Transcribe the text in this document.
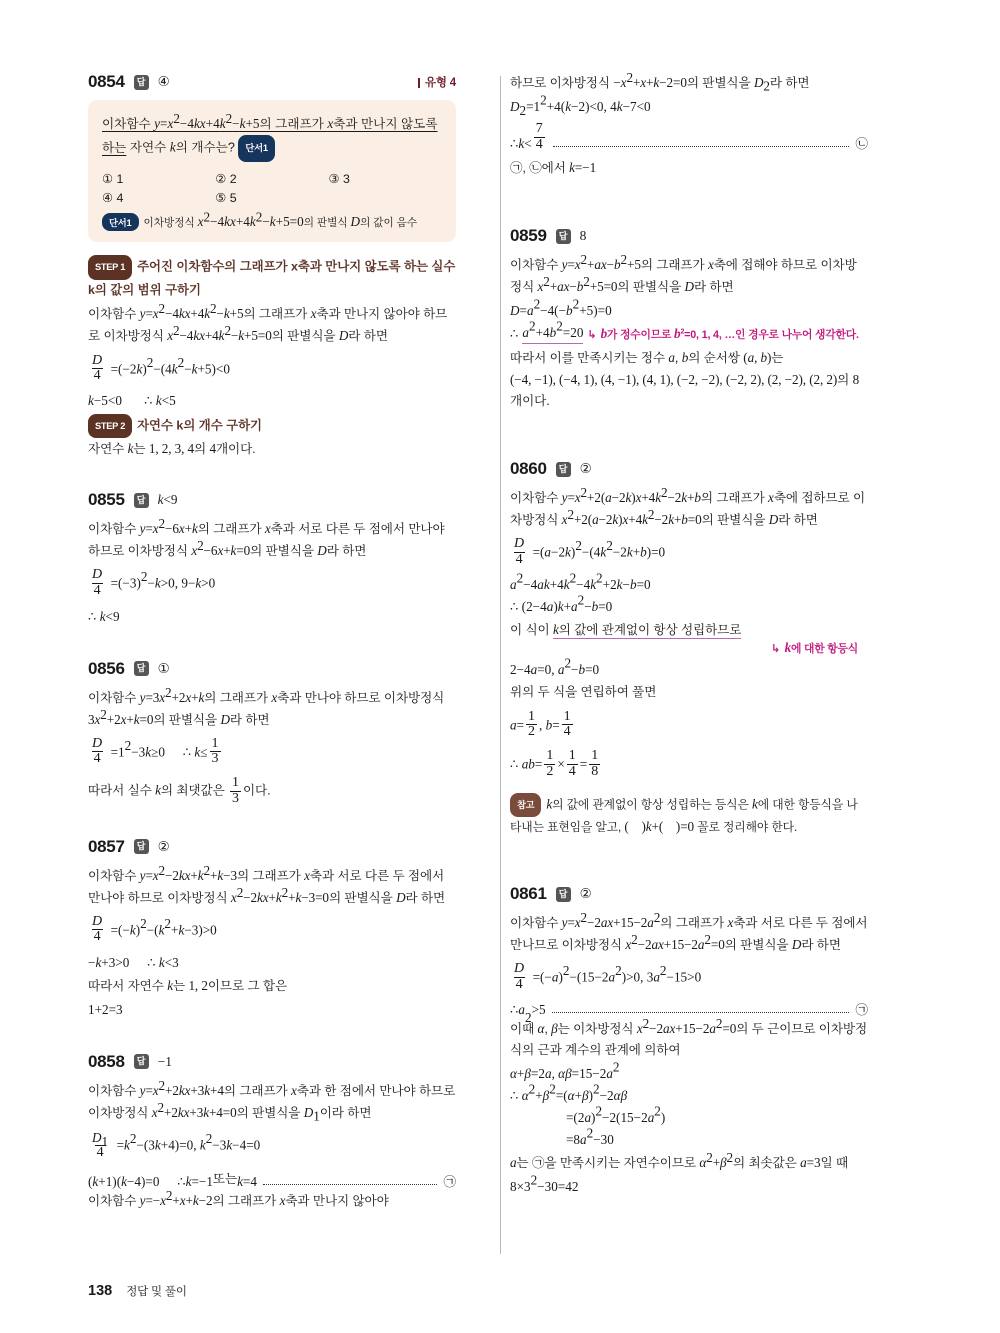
0854	답 ④	유형 4
이차함수 $y=x^2-4kx+4k^2-k+5$의 그래프가 x축과 만나지 않도록 하는 자연수 k의 개수는? 단서1
① 1	② 2	③ 3
④ 4	⑤ 5
단서1	이차방정식 $x^2-4kx+4k^2-k+5=0$의 판별식 D의 값이 음수
STEP 1 주어진 이차함수의 그래프가 x축과 만나지 않도록 하는 실수 k의 값의 범위 구하기
이차함수 $y=x^2-4kx+4k^2-k+5$의 그래프가 x축과 만나지 않아야 하므로 이차방정식 $x^2-4kx+4k^2-k+5=0$의 판별식을 D라 하면
$\frac{D}{4} =(-2k)^2-(4k^2-k+5)<0$
k−5<0 ∴ k<5
STEP 2 자연수 k의 개수 구하기
자연수 k는 1, 2, 3, 4의 4개이다.
0855	답 k<9
이차함수 $y=x^2-6x+k$의 그래프가 x축과 서로 다른 두 점에서 만나야 하므로 이차방정식 $x^2-6x+k=0$의 판별식을 D라 하면
$\frac{D}{4} =(-3)^2-k>0$, 9−k>0
∴ k<9
0856	답 ①
이차함수 $y=3x^2+2x+k$의 그래프가 x축과 만나야 하므로 이차방정식 $3x^2+2x+k=0$의 판별식을 D라 하면
$\frac{D}{4} =1^2-3k\ge 0$ ∴ $k\le \frac{1}{3}$
따라서 실수 k의 최댓값은 $\frac{1}{3}$ 이다.
0857	답 ②
이차함수 $y=x^2-2kx+k^2+k-3$의 그래프가 x축과 서로 다른 두 점에서 만나야 하므로 이차방정식 $x^2-2kx+k^2+k-3=0$의 판별식을 D라 하면
$\frac{D}{4} =(-k)^2-(k^2+k-3)>0$
−k+3>0 ∴ k<3
따라서 자연수 k는 1, 2이므로 그 합은
1+2=3
0858	답 −1
이차함수 $y=x^2+2kx+3k+4$의 그래프가 x축과 한 점에서 만나야 하므로 이차방정식 $x^2+2kx+3k+4=0$의 판별식을 $D_1$이라 하면
$\frac{D_1}{4} =k^2-(3k+4)=0$, $k^2-3k-4=0$
( k +1)( k −4)=0
∴ k =−1 또는 k =4	㉠
이차함수 $y=-x^2+x+k-2$의 그래프가 x축과 만나지 않아야
하므로 이차방정식 $-x^2+x+k-2=0$의 판별식을 $D_2$라 하면
$D_2=1^2+4(k-2)<0$, 4k−7<0
∴ $k < \frac{7}{4}$	㉡
㉠, ㉡에서 k=−1
0859	답 8
이차함수 $y=x^2+ax-b^2+5$의 그래프가 x축에 접해야 하므로 이차방정식 $x^2+ax-b^2+5=0$의 판별식을 D라 하면
$D=a^2-4(-b^2+5)=0$
∴ $a^2+4b^2=20$ ↳ b가 정수이므로 $b^2=0$, 1, 4, …인 경우로 나누어 생각한다.
따라서 이를 만족시키는 정수 a, b의 순서쌍 (a, b)는
(−4, −1), (−4, 1), (4, −1), (4, 1), (−2, −2), (−2, 2), (2, −2), (2, 2)의 8개이다.
0860	답 ②
이차함수 $y=x^2+2(a-2k)x+4k^2-2k+b$의 그래프가 x축에 접하므로 이차방정식 $x^2+2(a-2k)x+4k^2-2k+b=0$의 판별식을 D라 하면
$\frac{D}{4} =(a-2k)^2-(4k^2-2k+b)=0$
$a^2-4ak+4k^2-4k^2+2k-b=0$
∴ $(2-4a)k+a^2-b=0$
이 식이 k의 값에 관계없이 항상 성립하므로
↳ k에 대한 항등식
2−4a=0, $a^2-b=0$
위의 두 식을 연립하여 풀면
$a= \frac{1}{2}$ , $b= \frac{1}{4}$
∴ $ab= \frac{1}{2} \times \frac{1}{4} = \frac{1}{8}$
참고 k의 값에 관계없이 항상 성립하는 등식은 k에 대한 항등식을 나타내는 표현임을 알고, (    )k+(    )=0 꼴로 정리해야 한다.
0861	답 ②
이차함수 $y=x^2-2ax+15-2a^2$의 그래프가 x축과 서로 다른 두 점에서 만나므로 이차방정식 $x^2-2ax+15-2a^2=0$의 판별식을 D라 하면
$\frac{D}{4} =(-a)^2-(15-2a^2)>0$, $3a^2-15>0$
∴ a
2
>5	㉠
이때 α, β는 이차방정식 $x^2-2ax+15-2a^2=0$의 두 근이므로 이차방정식의 근과 계수의 관계에 의하여
α+β=2a, $\alpha\beta=15-2a^2$
∴ $\alpha^2+\beta^2=(\alpha+\beta)^2-2\alpha\beta$
$=(2a)^2-2(15-2a^2)$
$=8a^2-30$
a는 ㉠을 만족시키는 자연수이므로 $\alpha^2+\beta^2$의 최솟값은 a=3일 때
$8\times 3^2-30=42$
138 정답 및 풀이
